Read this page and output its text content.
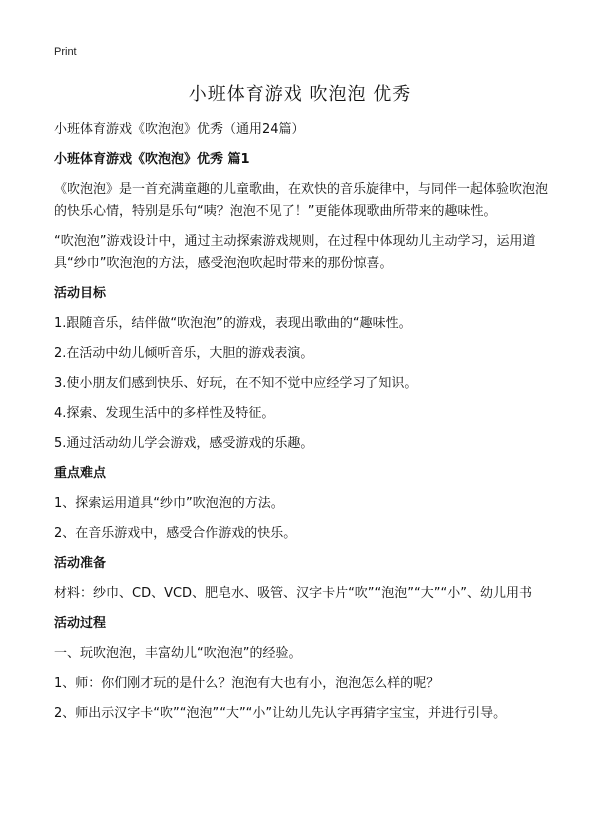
Print
小班体育游戏 吹泡泡 优秀

小班体育游戏《吹泡泡》优秀（通用24篇）

小班体育游戏《吹泡泡》优秀 篇1

《吹泡泡》是一首充满童趣的儿童歌曲，在欢快的音乐旋律中，与同伴一起体验吹泡泡的快乐心情，特别是乐句“咦？泡泡不见了！”更能体现歌曲所带来的趣味性。

“吹泡泡”游戏设计中，通过主动探索游戏规则，在过程中体现幼儿主动学习，运用道具“纱巾”吹泡泡的方法，感受泡泡吹起时带来的那份惊喜。

活动目标

1.跟随音乐，结伴做“吹泡泡”的游戏，表现出歌曲的“趣味性。

2.在活动中幼儿倾听音乐，大胆的游戏表演。

3.使小朋友们感到快乐、好玩，在不知不觉中应经学习了知识。

4.探索、发现生活中的多样性及特征。

5.通过活动幼儿学会游戏，感受游戏的乐趣。

重点难点

1、探索运用道具“纱巾”吹泡泡的方法。

2、在音乐游戏中，感受合作游戏的快乐。

活动准备

材料：纱巾、CD、VCD、肥皂水、吸管、汉字卡片“吹”“泡泡”“大”“小”、幼儿用书

活动过程

一、玩吹泡泡，丰富幼儿“吹泡泡”的经验。

1、师：你们刚才玩的是什么？泡泡有大也有小，泡泡怎么样的呢？

2、师出示汉字卡“吹”“泡泡”“大”“小”让幼儿先认字再猜字宝宝，并进行引导。
